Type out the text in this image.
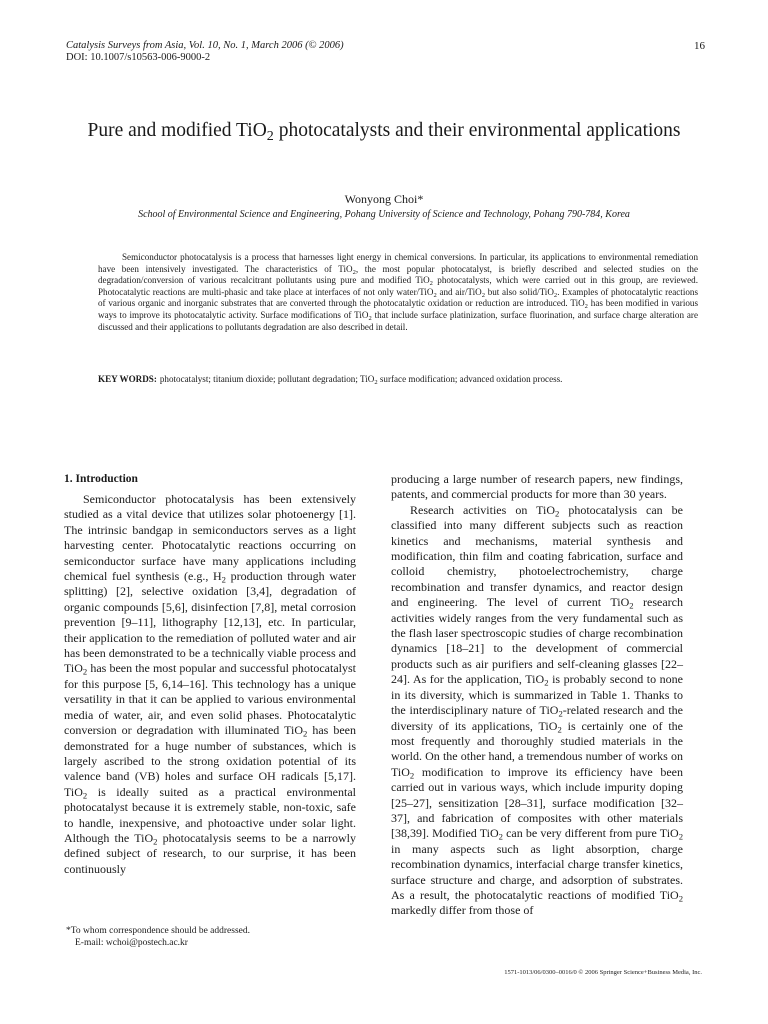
Catalysis Surveys from Asia, Vol. 10, No. 1, March 2006 (© 2006)
DOI: 10.1007/s10563-006-9000-2
16
Pure and modified TiO$_2$ photocatalysts and their environmental applications
Wonyong Choi*
School of Environmental Science and Engineering, Pohang University of Science and Technology, Pohang 790-784, Korea

Semiconductor photocatalysis is a process that harnesses light energy in chemical conversions. In particular, its applications to environmental remediation have been intensively investigated. The characteristics of TiO$_2$, the most popular photocatalyst, is briefly described and selected studies on the degradation/conversion of various recalcitrant pollutants using pure and modified TiO$_2$ photocatalysts, which were carried out in this group, are reviewed. Photocatalytic reactions are multi-phasic and take place at interfaces of not only water/TiO$_2$ and air/TiO$_2$ but also solid/TiO$_2$. Examples of photocatalytic reactions of various organic and inorganic substrates that are converted through the photocatalytic oxidation or reduction are introduced. TiO$_2$ has been modified in various ways to improve its photocatalytic activity. Surface modifications of TiO$_2$ that include surface platinization, surface fluorination, and surface charge alteration are discussed and their applications to pollutants degradation are also described in detail.

KEY WORDS: photocatalyst; titanium dioxide; pollutant degradation; TiO$_2$ surface modification; advanced oxidation process.
1. Introduction

Semiconductor photocatalysis has been extensively studied as a vital device that utilizes solar photoenergy [1]. The intrinsic bandgap in semiconductors serves as a light harvesting center. Photocatalytic reactions occurring on semiconductor surface have many applications including chemical fuel synthesis (e.g., $H_2$ production through water splitting) [2], selective oxidation [3,4], degradation of organic compounds [5,6], disinfection [7,8], metal corrosion prevention [9–11], lithography [12,13], etc. In particular, their application to the remediation of polluted water and air has been demonstrated to be a technically viable process and TiO$_2$ has been the most popular and successful photocatalyst for this purpose [5, 6,14–16]. This technology has a unique versatility in that it can be applied to various environmental media of water, air, and even solid phases. Photocatalytic conversion or degradation with illuminated TiO$_2$ has been demonstrated for a huge number of substances, which is largely ascribed to the strong oxidation potential of its valence band (VB) holes and surface OH radicals [5,17]. TiO$_2$ is ideally suited as a practical environmental photocatalyst because it is extremely stable, non-toxic, safe to handle, inexpensive, and photoactive under solar light. Although the TiO$_2$ photocatalysis seems to be a narrowly defined subject of research, to our surprise, it has been continuously

producing a large number of research papers, new findings, patents, and commercial products for more than 30 years.

Research activities on TiO$_2$ photocatalysis can be classified into many different subjects such as reaction kinetics and mechanisms, material synthesis and modification, thin film and coating fabrication, surface and colloid chemistry, photoelectrochemistry, charge recombination and transfer dynamics, and reactor design and engineering. The level of current TiO$_2$ research activities widely ranges from the very fundamental such as the flash laser spectroscopic studies of charge recombination dynamics [18–21] to the development of commercial products such as air purifiers and self-cleaning glasses [22–24]. As for the application, TiO$_2$ is probably second to none in its diversity, which is summarized in Table 1. Thanks to the interdisciplinary nature of TiO$_2$-related research and the diversity of its applications, TiO$_2$ is certainly one of the most frequently and thoroughly studied materials in the world. On the other hand, a tremendous number of works on TiO$_2$ modification to improve its efficiency have been carried out in various ways, which include impurity doping [25–27], sensitization [28–31], surface modification [32–37], and fabrication of composites with other materials [38,39]. Modified TiO$_2$ can be very different from pure TiO$_2$ in many aspects such as light absorption, charge recombination dynamics, interfacial charge transfer kinetics, surface structure and charge, and adsorption of substrates. As a result, the photocatalytic reactions of modified TiO$_2$ markedly differ from those of

*To whom correspondence should be addressed.
E-mail: wchoi@postech.ac.kr
1571-1013/06/0300–0016/0 © 2006 Springer Science+Business Media, Inc.
